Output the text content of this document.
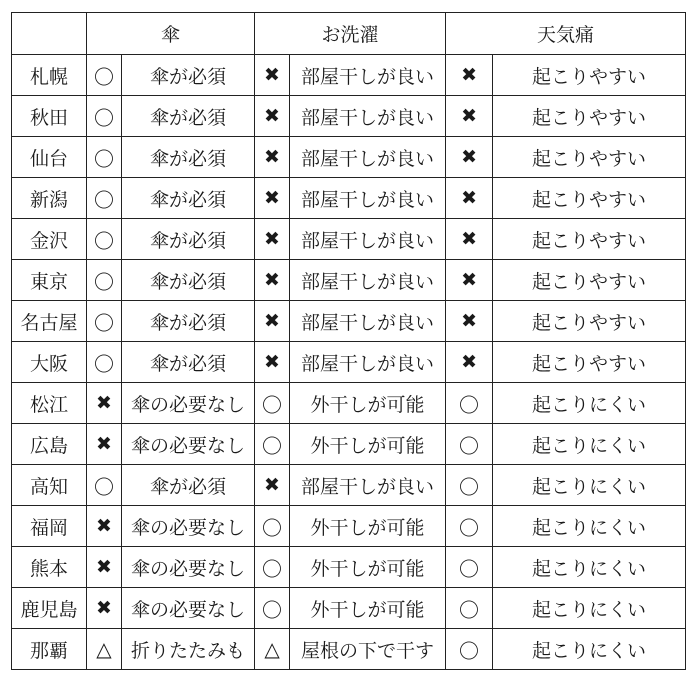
	傘		お洗濯		天気痛	
札幌	〇	傘が必須	✖	部屋干しが良い	✖	起こりやすい
秋田	〇	傘が必須	✖	部屋干しが良い	✖	起こりやすい
仙台	〇	傘が必須	✖	部屋干しが良い	✖	起こりやすい
新潟	〇	傘が必須	✖	部屋干しが良い	✖	起こりやすい
金沢	〇	傘が必須	✖	部屋干しが良い	✖	起こりやすい
東京	〇	傘が必須	✖	部屋干しが良い	✖	起こりやすい
名古屋	〇	傘が必須	✖	部屋干しが良い	✖	起こりやすい
大阪	〇	傘が必須	✖	部屋干しが良い	✖	起こりやすい
松江	✖	傘の必要なし	〇	外干しが可能	〇	起こりにくい
広島	✖	傘の必要なし	〇	外干しが可能	〇	起こりにくい
高知	〇	傘が必須	✖	部屋干しが良い	〇	起こりにくい
福岡	✖	傘の必要なし	〇	外干しが可能	〇	起こりにくい
熊本	✖	傘の必要なし	〇	外干しが可能	〇	起こりにくい
鹿児島	✖	傘の必要なし	〇	外干しが可能	〇	起こりにくい
那覇	△	折りたたみも	△	屋根の下で干す	〇	起こりにくい
